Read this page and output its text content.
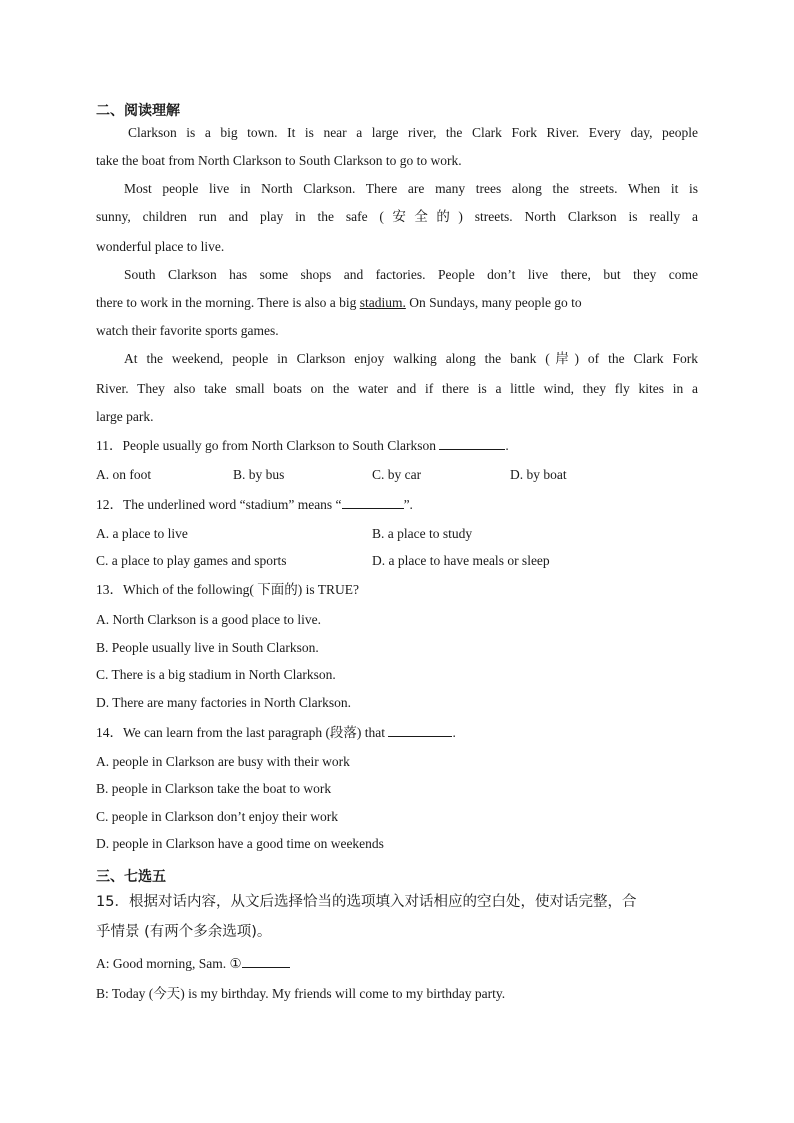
二、阅读理解
Clarkson is a big town. It is near a large river, the Clark Fork River. Every day, people
take the boat from North Clarkson to South Clarkson to go to work.
Most people live in North Clarkson. There are many trees along the streets. When it is
sunny, children run and play in the safe (安全的) streets. North Clarkson is really a
wonderful place to live.
South Clarkson has some shops and factories. People don’t live there, but they come
there to work in the morning. There is also a big stadium. On Sundays, many people go to
watch their favorite sports games.
At the weekend, people in Clarkson enjoy walking along the bank (岸) of the Clark Fork
River. They also take small boats on the water and if there is a little wind, they fly kites in a
large park.
11．People usually go from North Clarkson to South Clarkson	.
A. on foot	B. by bus	C. by car	D. by boat
12．The underlined word “stadium” means “	”.
A. a place to live	B. a place to study
C. a place to play games and sports	D. a place to have meals or sleep
13．Which of the following( 下面的) is TRUE?
A. North Clarkson is a good place to live.
B. People usually live in South Clarkson.
C. There is a big stadium in North Clarkson.
D. There are many factories in North Clarkson.
14．We can learn from the last paragraph (段落) that	.
A. people in Clarkson are busy with their work
B. people in Clarkson take the boat to work
C. people in Clarkson don’t enjoy their work
D. people in Clarkson have a good time on weekends
三、七选五
15．根据对话内容，从文后选择恰当的选项填入对话相应的空白处，使对话完整，合
乎情景 (有两个多余选项)。
A: Good morning, Sam. ①
B: Today (今天) is my birthday. My friends will come to my birthday party.
